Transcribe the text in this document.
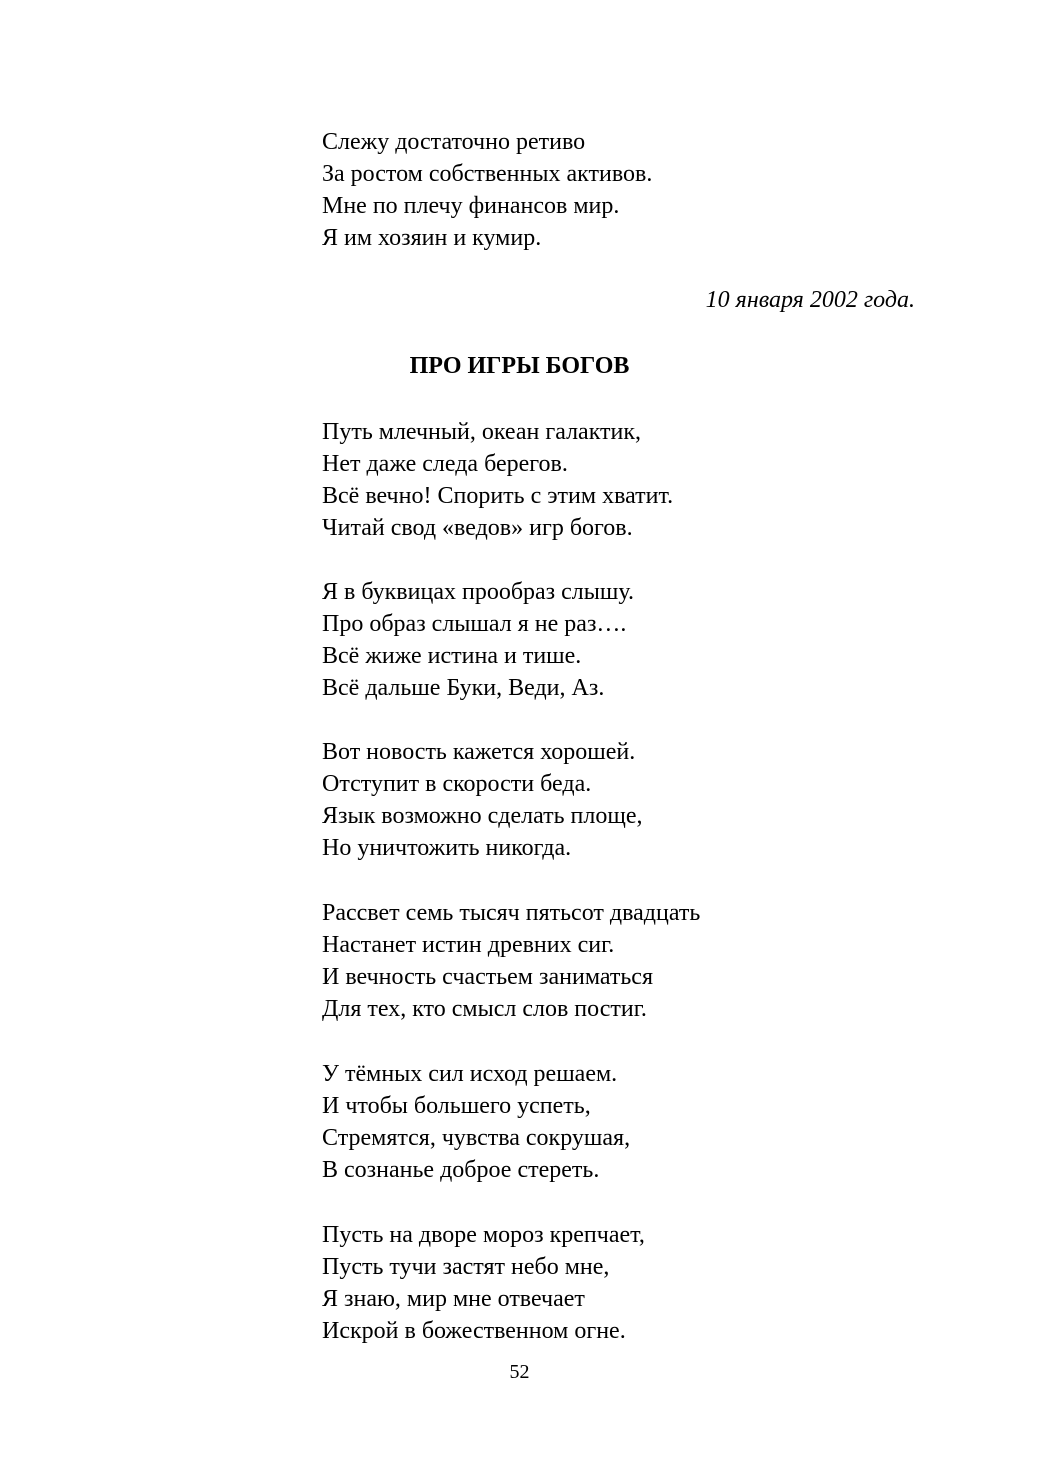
Слежу достаточно ретиво
За ростом собственных активов.
Мне по плечу финансов мир.
Я им хозяин и кумир.
10 января 2002 года.
ПРО ИГРЫ БОГОВ
Путь млечный, океан галактик,
Нет даже следа берегов.
Всё вечно! Спорить с этим хватит.
Читай свод «ведов» игр богов.
Я в буквицах прообраз слышу.
Про образ слышал я не раз….
Всё жиже истина и тише.
Всё дальше Буки, Веди, Аз.
Вот новость кажется хорошей.
Отступит в скорости беда.
Язык возможно сделать площе,
Но уничтожить никогда.
Рассвет семь тысяч пятьсот двадцать
Настанет истин древних сиг.
И вечность счастьем заниматься
Для тех, кто смысл слов постиг.
У тёмных сил исход решаем.
И чтобы большего успеть,
Стремятся, чувства сокрушая,
В сознанье доброе стереть.
Пусть на дворе мороз крепчает,
Пусть тучи застят небо мне,
Я знаю, мир мне отвечает
Искрой в божественном огне.
52
